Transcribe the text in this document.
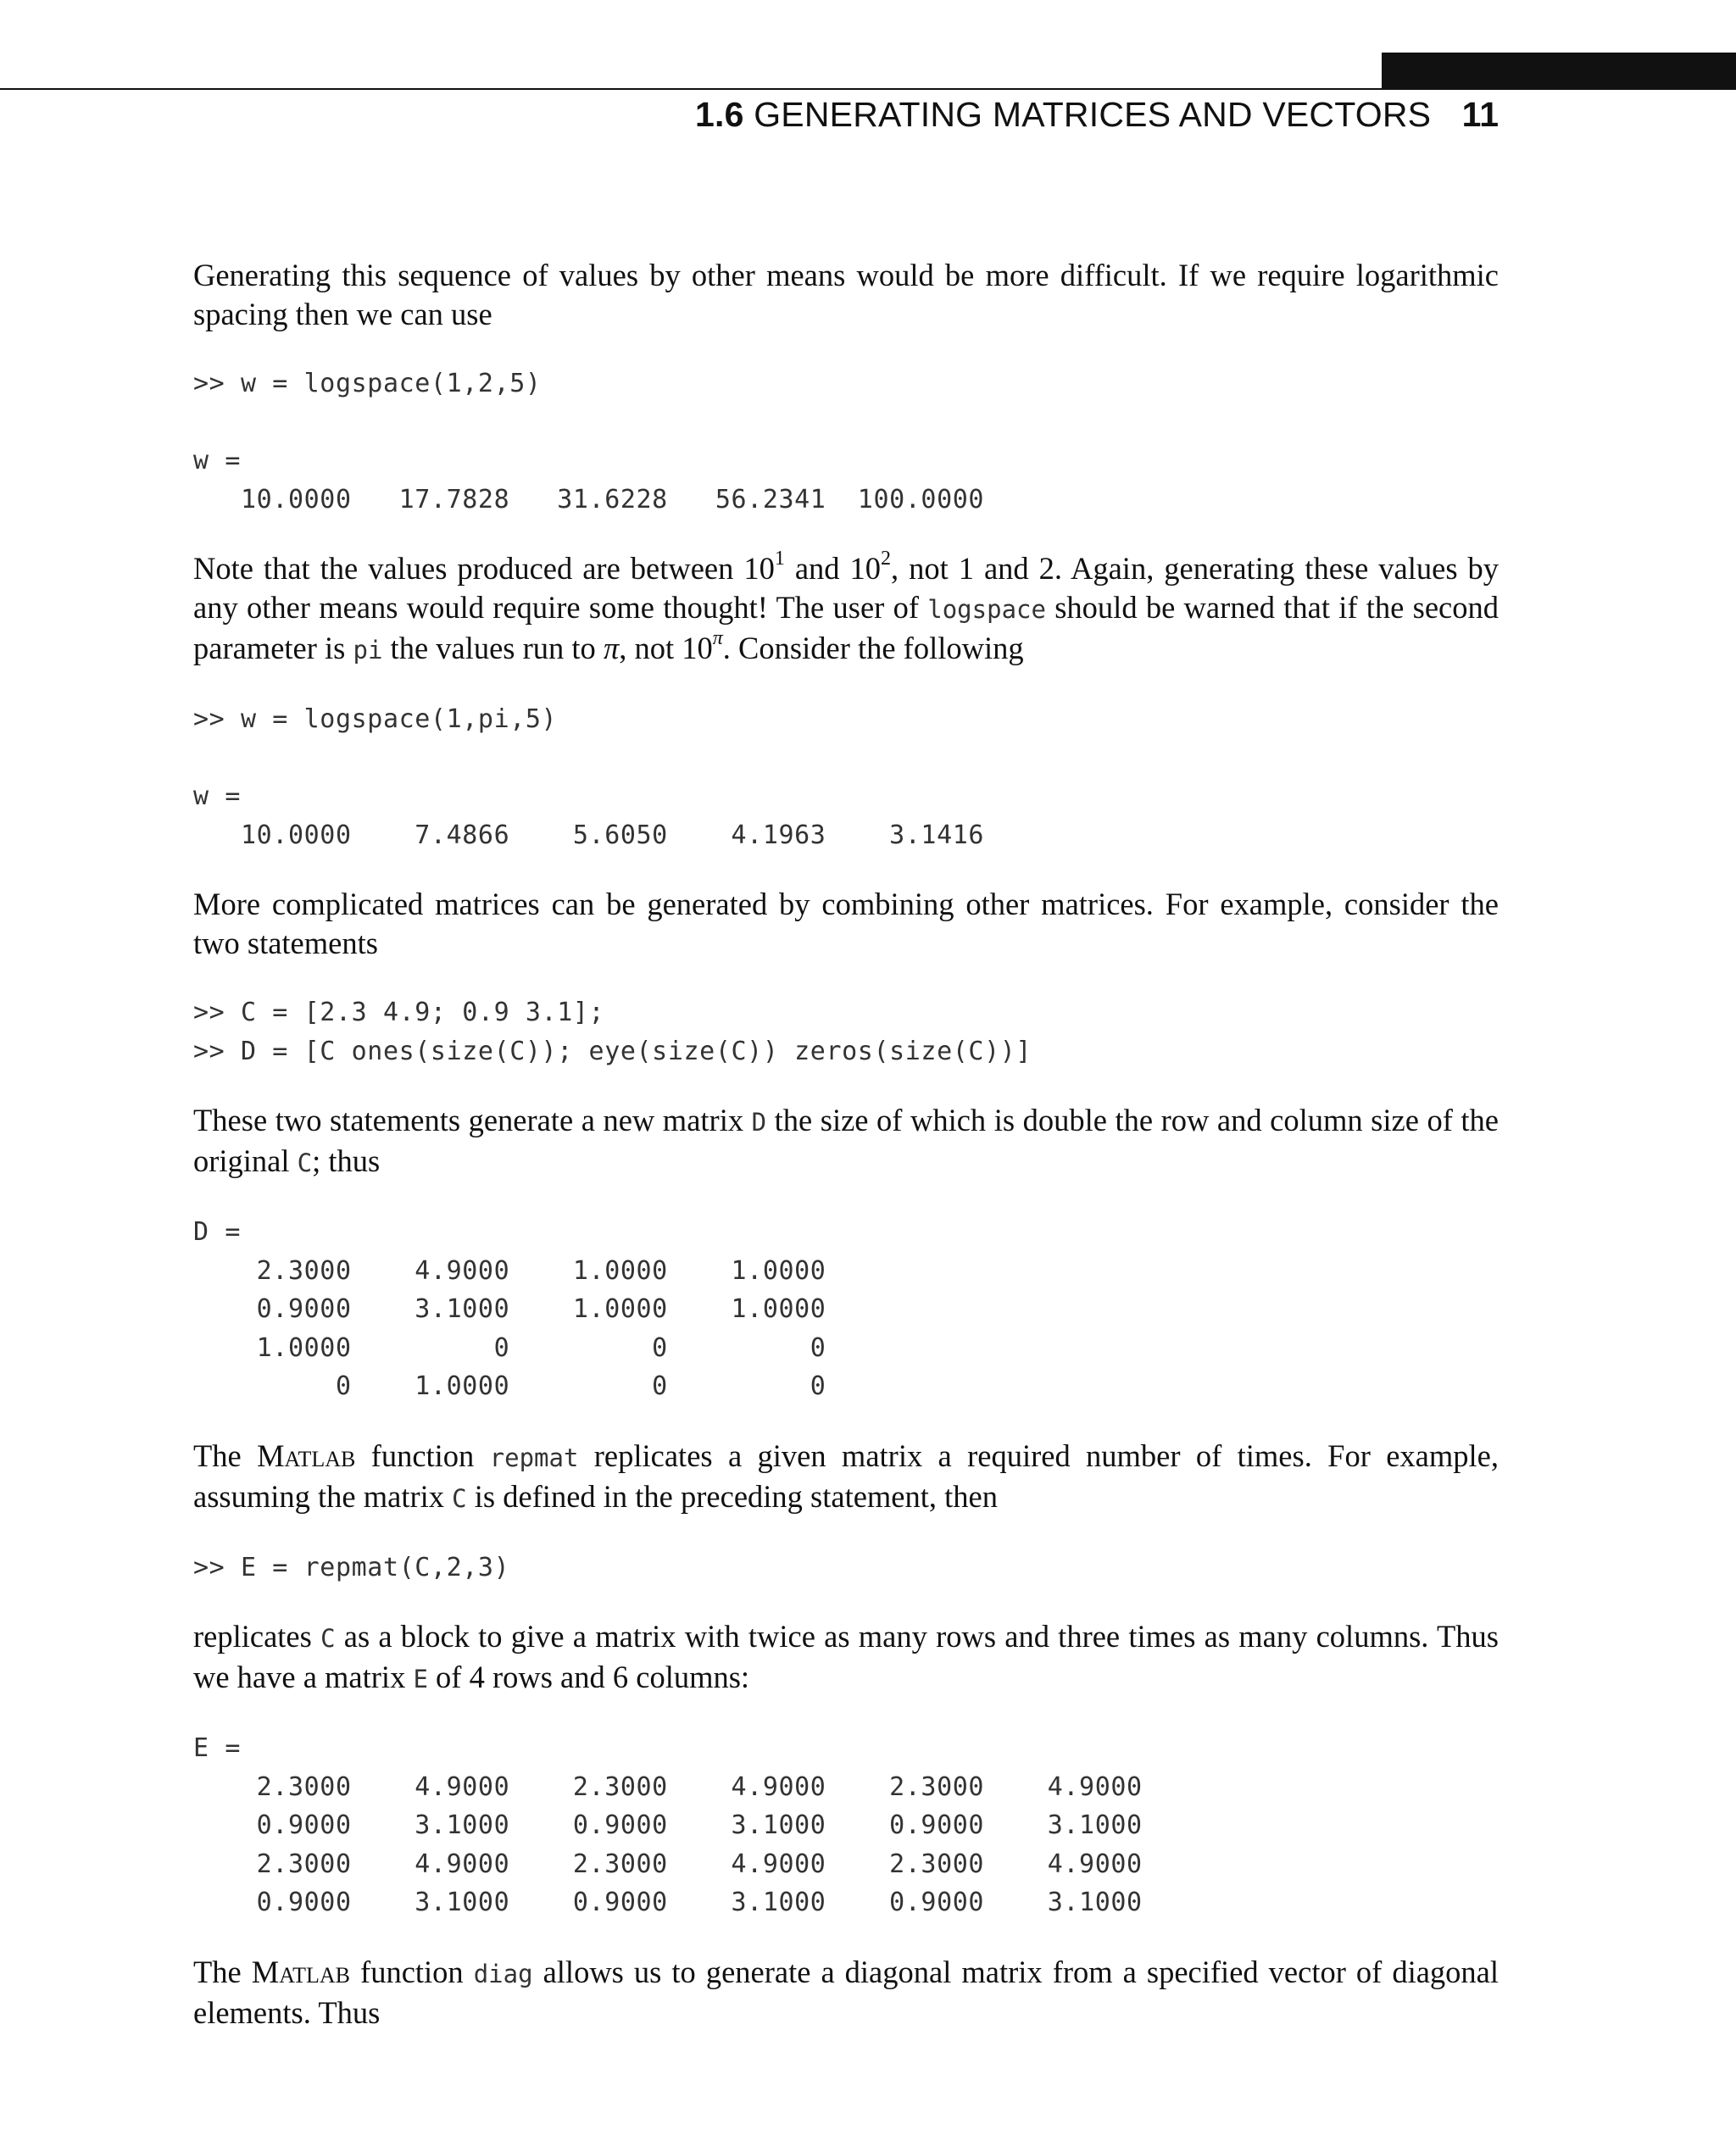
1.6 GENERATING MATRICES AND VECTORS 11

Generating this sequence of values by other means would be more difficult. If we require logarithmic spacing then we can use

>> w = logspace(1,2,5)

w =
10.0000   17.7828   31.6228   56.2341  100.0000

Note that the values produced are between $10^1$ and $10^2$, not 1 and 2. Again, generating these values by any other means would require some thought! The user of logspace should be warned that if the second parameter is pi the values run to π, not $10^\pi$. Consider the following

>> w = logspace(1,pi,5)

w =
10.0000    7.4866    5.6050    4.1963    3.1416

More complicated matrices can be generated by combining other matrices. For example, consider the two statements

>> C = [2.3 4.9; 0.9 3.1];
>> D = [C ones(size(C)); eye(size(C)) zeros(size(C))]

These two statements generate a new matrix D the size of which is double the row and column size of the original C; thus

D =
2.3000    4.9000    1.0000    1.0000
0.9000    3.1000    1.0000    1.0000
1.0000         0         0         0
0    1.0000         0         0

The Matlab function repmat replicates a given matrix a required number of times. For example, assuming the matrix C is defined in the preceding statement, then

>> E = repmat(C,2,3)

replicates C as a block to give a matrix with twice as many rows and three times as many columns. Thus we have a matrix E of 4 rows and 6 columns:

E =
2.3000    4.9000    2.3000    4.9000    2.3000    4.9000
0.9000    3.1000    0.9000    3.1000    0.9000    3.1000
2.3000    4.9000    2.3000    4.9000    2.3000    4.9000
0.9000    3.1000    0.9000    3.1000    0.9000    3.1000

The Matlab function diag allows us to generate a diagonal matrix from a specified vector of diagonal elements. Thus
